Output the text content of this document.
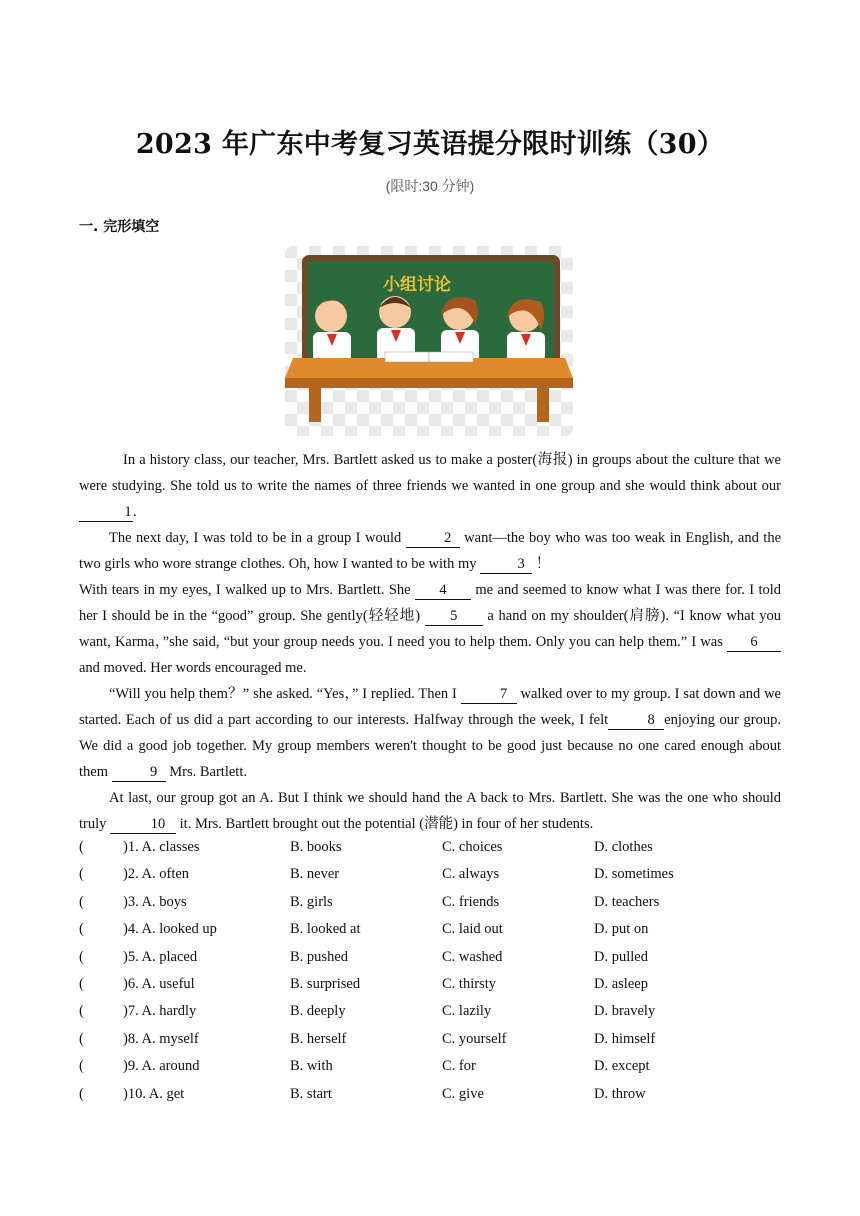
2023 年广东中考复习英语提分限时训练（30）
(限时:30 分钟)
一. 完形填空
小组讨论
In a history class, our teacher, Mrs. Bartlett asked us to make a poster(海报) in groups about the culture that we were studying. She told us to write the names of three friends we wanted in one group and she would think about our 1.
The next day, I was told to be in a group I would	2 want—the boy who was too weak in English, and the two girls who wore strange clothes. Oh, how I wanted to be with my	3 ！
With tears in my eyes, I walked up to Mrs. Bartlett. She 4 me and seemed to know what I was there for. I told her I should be in the “good” group. She gently(轻轻地) 5 a hand on my shoulder(肩膀). “I know what you want, Karma，”she said, “but your group needs you. I need you to help them. Only you can help them.” I was 6 and moved. Her words encouraged me.
“Will you help them？” she asked. “Yes，” I replied. Then I	7 walked over to my group. I sat down and we started. Each of us did a part according to our interests. Halfway through the week, I felt	8 enjoying our group. We did a good job together. My group members weren't thought to be good just because no one cared enough about them	9 Mrs. Bartlett.
At last, our group got an A. But I think we should hand the A back to Mrs. Bartlett. She was the one who should truly	10 it. Mrs. Bartlett brought out the potential (潜能) in four of her students.
(	)1. A. classes	B. books	C. choices	D. clothes
(	)2. A. often	B. never	C. always	D. sometimes
(	)3. A. boys	B. girls	C. friends	D. teachers
(	)4. A. looked up	B. looked at	C. laid out	D. put on
(	)5. A. placed	B. pushed	C. washed	D. pulled
(	)6. A. useful	B. surprised	C. thirsty	D. asleep
(	)7. A. hardly	B. deeply	C. lazily	D. bravely
(	)8. A. myself	B. herself	C. yourself	D. himself
(	)9. A. around	B. with	C. for	D. except
(	)10. A. get	B. start	C. give	D. throw
